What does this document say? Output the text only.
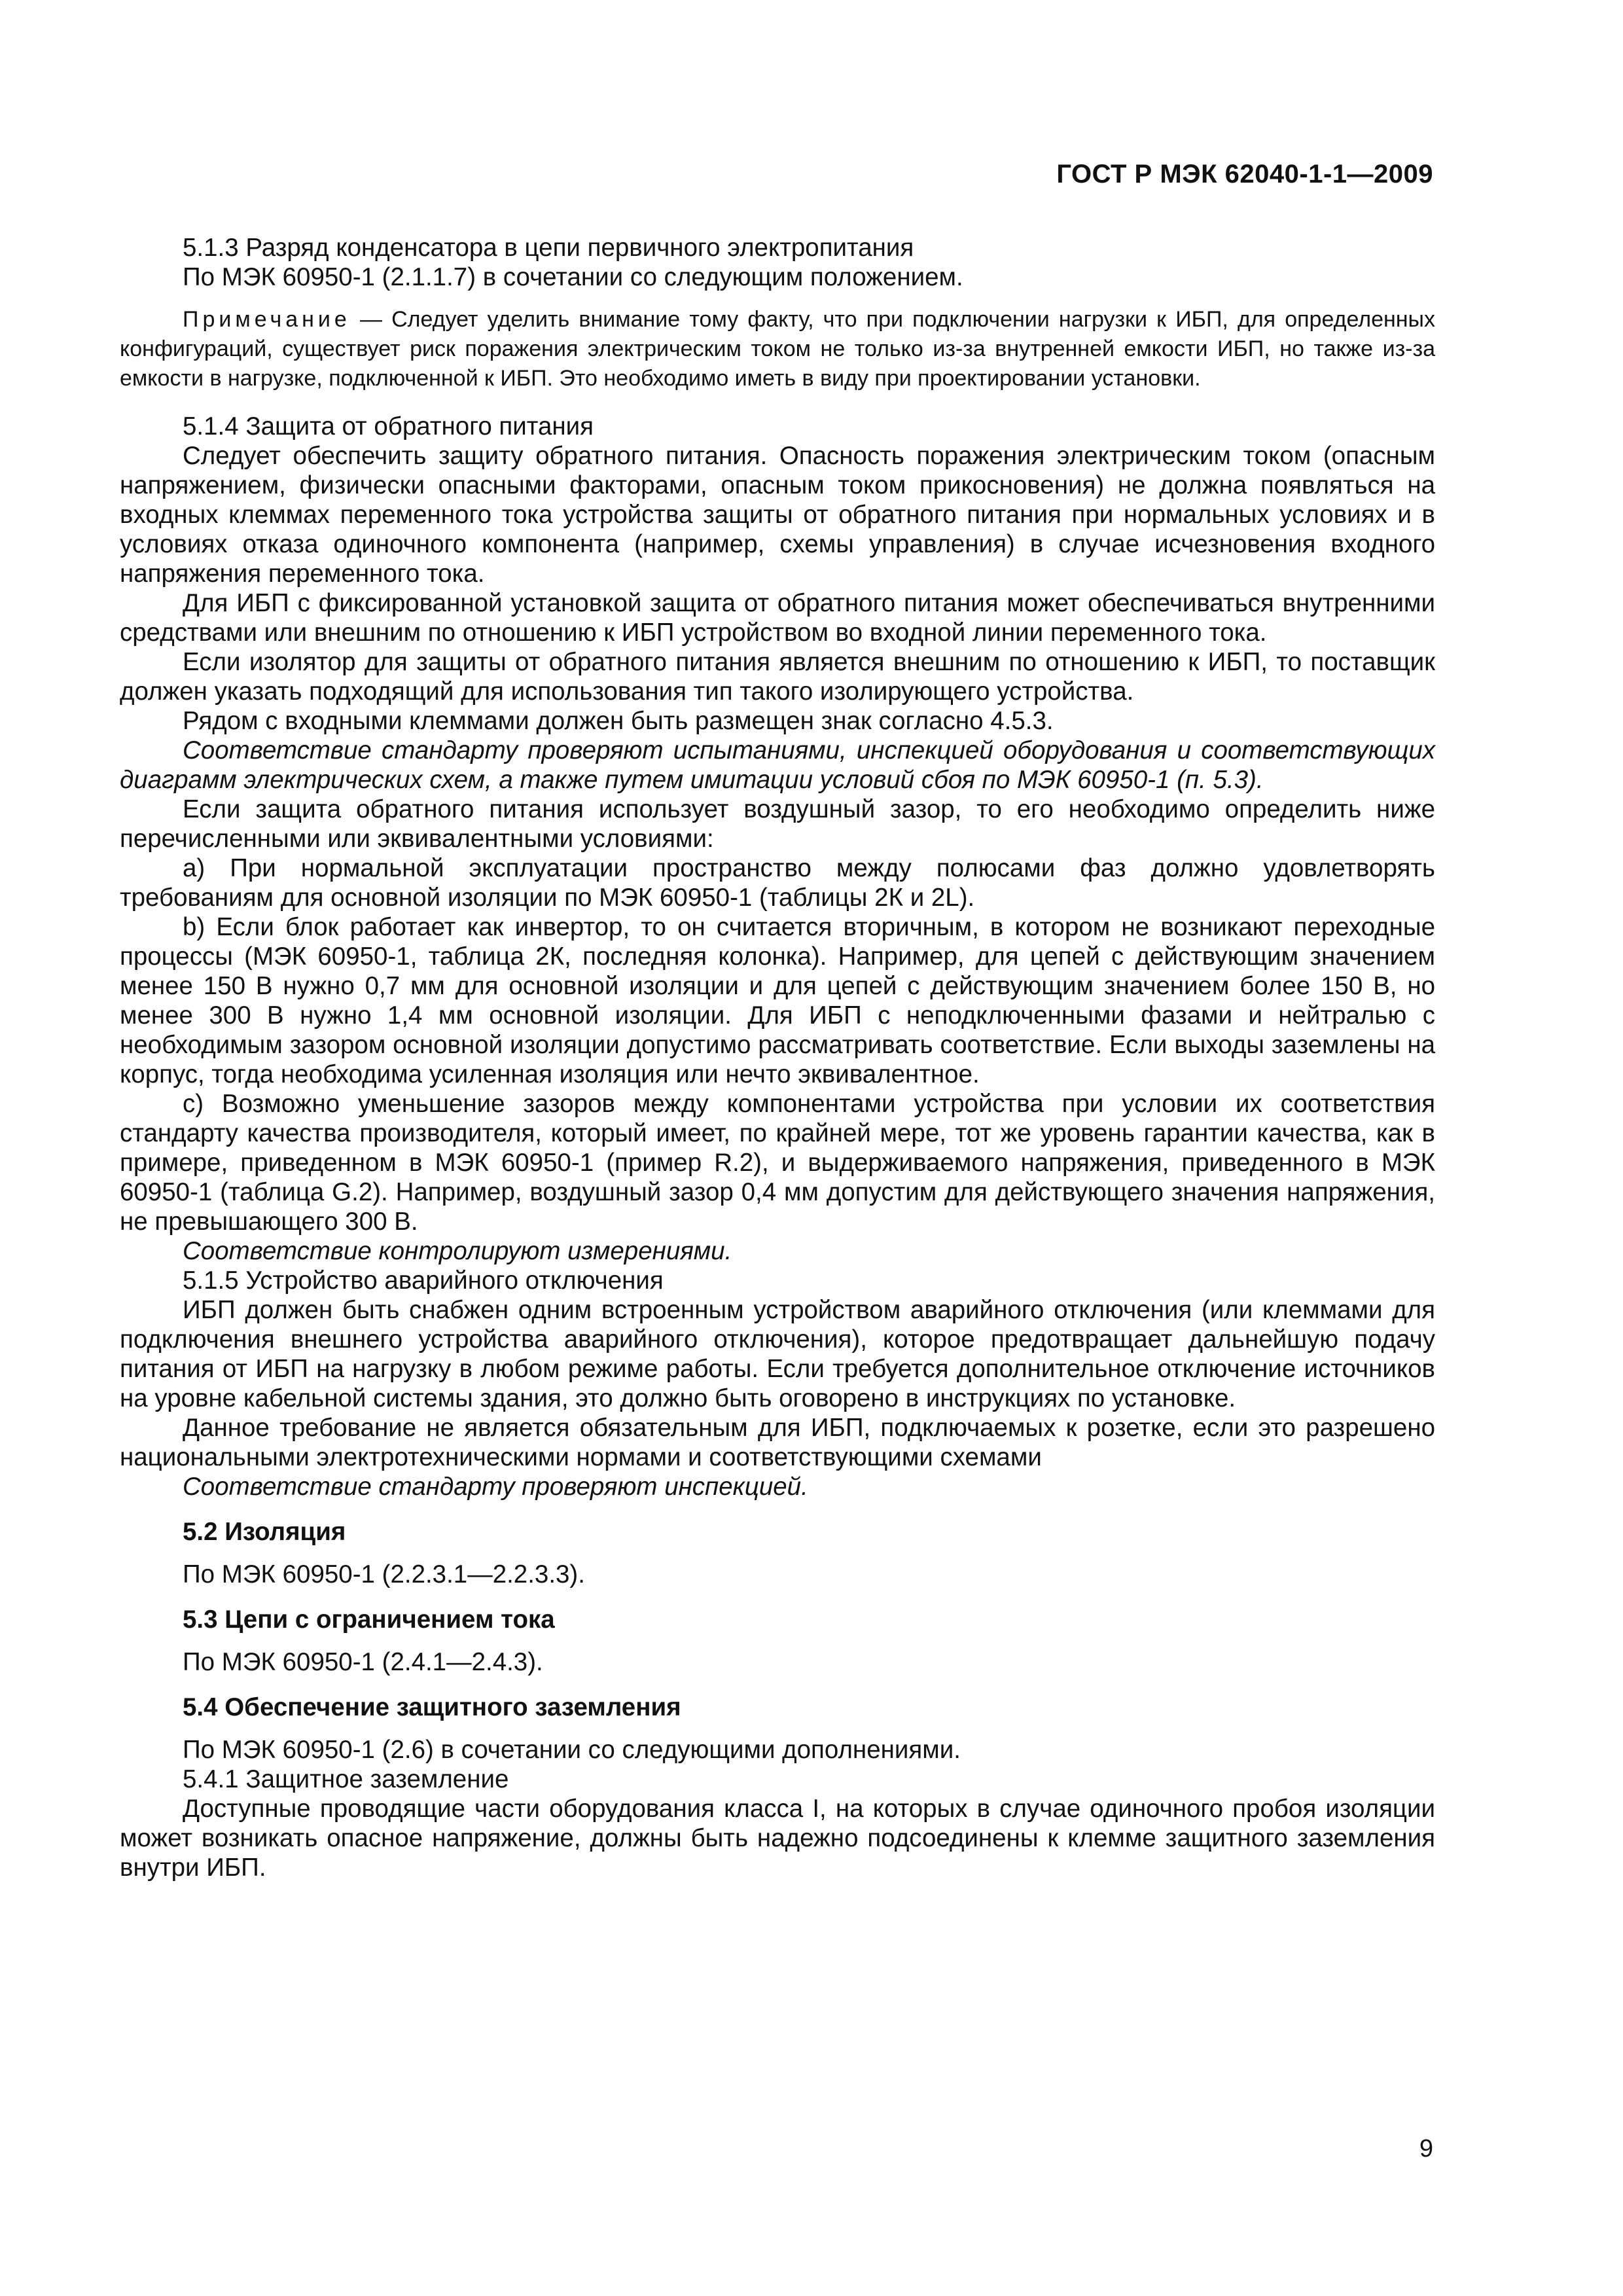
ГОСТ Р МЭК 62040-1-1—2009

5.1.3 Разряд конденсатора в цепи первичного электропитания

По МЭК 60950-1 (2.1.1.7) в сочетании со следующим положением.

Примечание — Следует уделить внимание тому факту, что при подключении нагрузки к ИБП, для определенных конфигураций, существует риск поражения электрическим током не только из-за внутренней емкости ИБП, но также из-за емкости в нагрузке, подключенной к ИБП. Это необходимо иметь в виду при проектировании установки.

5.1.4 Защита от обратного питания

Следует обеспечить защиту обратного питания. Опасность поражения электрическим током (опасным напряжением, физически опасными факторами, опасным током прикосновения) не должна появляться на входных клеммах переменного тока устройства защиты от обратного питания при нормальных условиях и в условиях отказа одиночного компонента (например, схемы управления) в случае исчезновения входного напряжения переменного тока.

Для ИБП с фиксированной установкой защита от обратного питания может обеспечиваться внутренними средствами или внешним по отношению к ИБП устройством во входной линии переменного тока.

Если изолятор для защиты от обратного питания является внешним по отношению к ИБП, то поставщик должен указать подходящий для использования тип такого изолирующего устройства.

Рядом с входными клеммами должен быть размещен знак согласно 4.5.3.

Соответствие стандарту проверяют испытаниями, инспекцией оборудования и соответствующих диаграмм электрических схем, а также путем имитации условий сбоя по МЭК 60950-1 (п. 5.3).

Если защита обратного питания использует воздушный зазор, то его необходимо определить ниже перечисленными или эквивалентными условиями:

а) При нормальной эксплуатации пространство между полюсами фаз должно удовлетворять требованиям для основной изоляции по МЭК 60950-1 (таблицы 2К и 2L).

b) Если блок работает как инвертор, то он считается вторичным, в котором не возникают переходные процессы (МЭК 60950-1, таблица 2К, последняя колонка). Например, для цепей с действующим значением менее 150 В нужно 0,7 мм для основной изоляции и для цепей с действующим значением более 150 В, но менее 300 В нужно 1,4 мм основной изоляции. Для ИБП с неподключенными фазами и нейтралью с необходимым зазором основной изоляции допустимо рассматривать соответствие. Если выходы заземлены на корпус, тогда необходима усиленная изоляция или нечто эквивалентное.

с) Возможно уменьшение зазоров между компонентами устройства при условии их соответствия стандарту качества производителя, который имеет, по крайней мере, тот же уровень гарантии качества, как в примере, приведенном в МЭК 60950-1 (пример R.2), и выдерживаемого напряжения, приведенного в МЭК 60950-1 (таблица G.2). Например, воздушный зазор 0,4 мм допустим для действующего значения напряжения, не превышающего 300 В.

Соответствие контролируют измерениями.

5.1.5 Устройство аварийного отключения

ИБП должен быть снабжен одним встроенным устройством аварийного отключения (или клеммами для подключения внешнего устройства аварийного отключения), которое предотвращает дальнейшую подачу питания от ИБП на нагрузку в любом режиме работы. Если требуется дополнительное отключение источников на уровне кабельной системы здания, это должно быть оговорено в инструкциях по установке.

Данное требование не является обязательным для ИБП, подключаемых к розетке, если это разрешено национальными электротехническими нормами и соответствующими схемами

Соответствие стандарту проверяют инспекцией.

5.2 Изоляция

По МЭК 60950-1 (2.2.3.1—2.2.3.3).

5.3 Цепи с ограничением тока

По МЭК 60950-1 (2.4.1—2.4.3).

5.4 Обеспечение защитного заземления

По МЭК 60950-1 (2.6) в сочетании со следующими дополнениями.

5.4.1 Защитное заземление

Доступные проводящие части оборудования класса I, на которых в случае одиночного пробоя изоляции может возникать опасное напряжение, должны быть надежно подсоединены к клемме защитного заземления внутри ИБП.

9
